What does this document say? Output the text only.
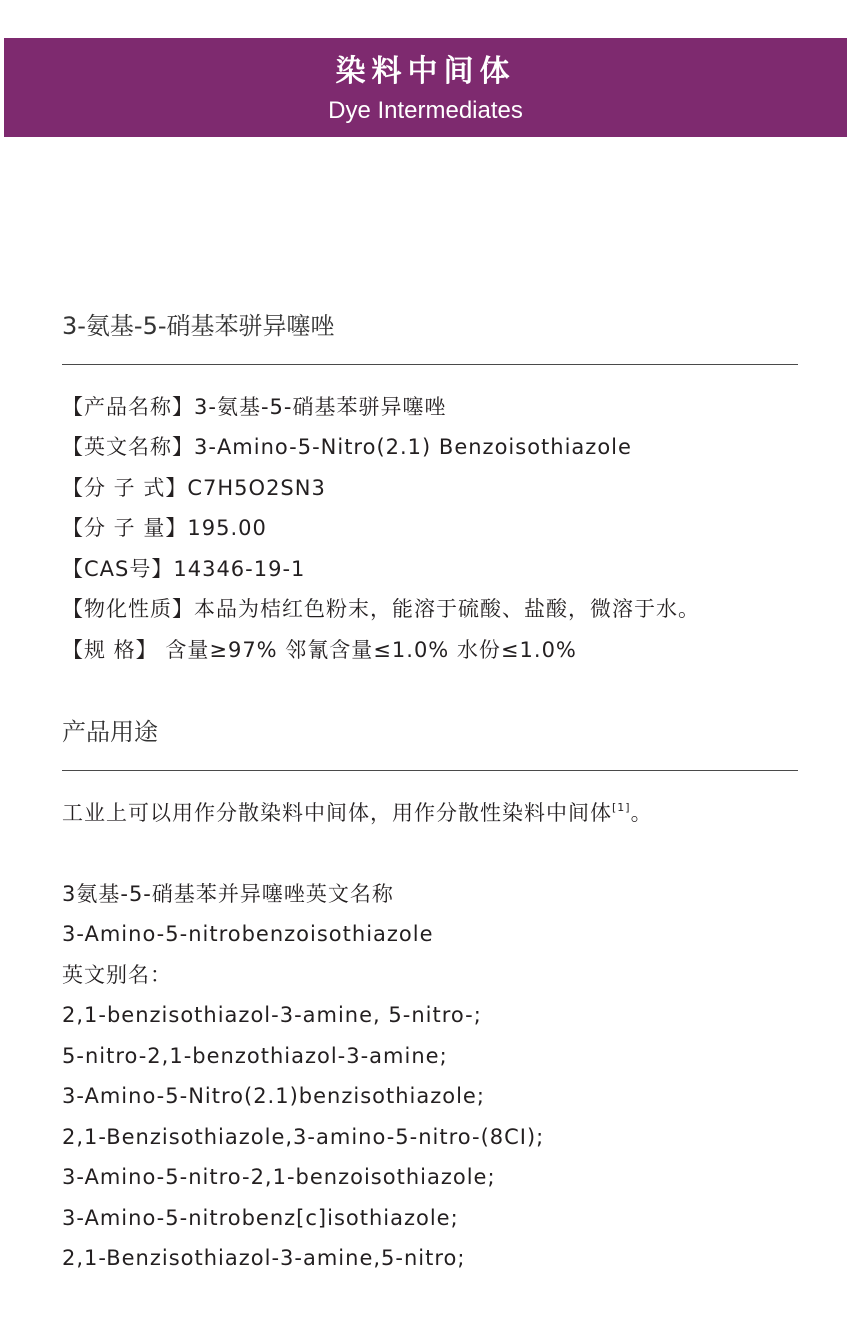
染料中间体
Dye Intermediates
3-氨基-5-硝基苯骈异噻唑
【产品名称】3-氨基-5-硝基苯骈异噻唑
【英文名称】3-Amino-5-Nitro(2.1) Benzoisothiazole
【分 子 式】C7H5O2SN3
【分 子 量】195.00
【CAS号】14346-19-1
【物化性质】本品为桔红色粉末，能溶于硫酸、盐酸，微溶于水。
【规 格】 含量≥97% 邻氰含量≤1.0% 水份≤1.0%
产品用途
工业上可以用作分散染料中间体，用作分散性染料中间体[1]。
3氨基-5-硝基苯并异噻唑英文名称
3-Amino-5-nitrobenzoisothiazole
英文别名：
2,1-benzisothiazol-3-amine, 5-nitro-;
5-nitro-2,1-benzothiazol-3-amine;
3-Amino-5-Nitro(2.1)benzisothiazole;
2,1-Benzisothiazole,3-amino-5-nitro-(8CI);
3-Amino-5-nitro-2,1-benzoisothiazole;
3-Amino-5-nitrobenz[c]isothiazole;
2,1-Benzisothiazol-3-amine,5-nitro;
